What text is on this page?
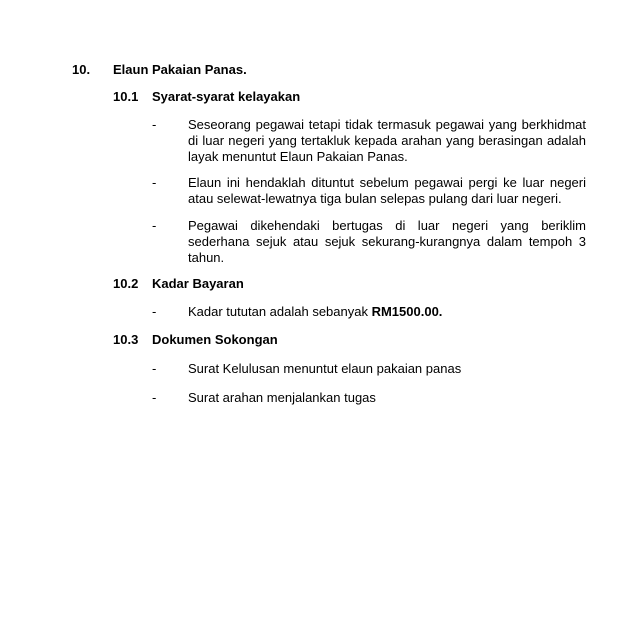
10. Elaun Pakaian Panas.
10.1 Syarat-syarat kelayakan
- Seseorang pegawai tetapi tidak termasuk pegawai yang berkhidmat di luar negeri yang tertakluk kepada arahan yang berasingan adalah layak menuntut Elaun Pakaian Panas.
- Elaun ini hendaklah dituntut sebelum pegawai pergi ke luar negeri atau selewat-lewatnya tiga bulan selepas pulang dari luar negeri.
- Pegawai dikehendaki bertugas di luar negeri yang beriklim sederhana sejuk atau sejuk sekurang-kurangnya dalam tempoh 3 tahun.
10.2 Kadar Bayaran
- Kadar tututan adalah sebanyak RM1500.00.
10.3 Dokumen Sokongan
- Surat Kelulusan menuntut elaun pakaian panas
- Surat arahan menjalankan tugas
